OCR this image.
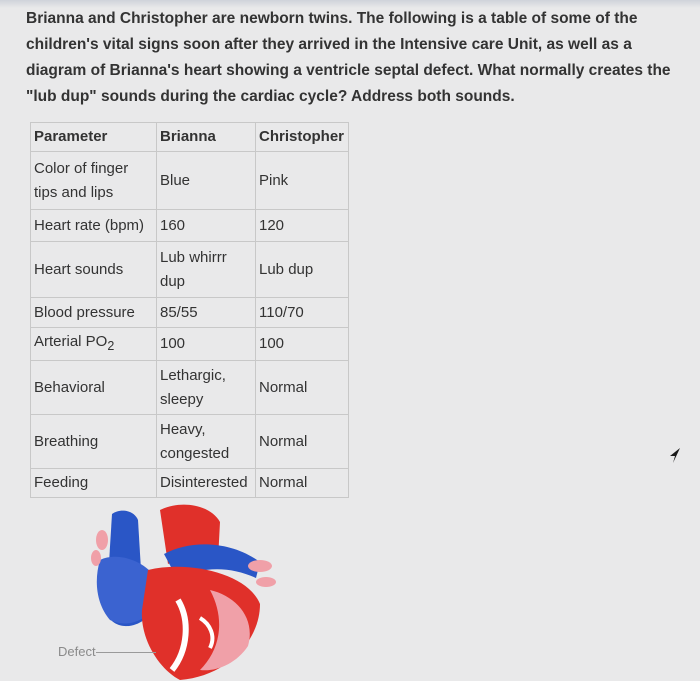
Brianna and Christopher are newborn twins. The following is a table of some of the children's vital signs soon after they arrived in the Intensive care Unit, as well as a diagram of Brianna's heart showing a ventricle septal defect. What normally creates the "lub dup" sounds during the cardiac cycle? Address both sounds.
Parameter	Brianna	Christopher
Color of finger tips and lips	Blue	Pink
Heart rate (bpm)	160	120
Heart sounds	Lub whirrr dup	Lub dup
Blood pressure	85/55	110/70
Arterial $PO_2$	100	100
Behavioral	Lethargic, sleepy	Normal
Breathing	Heavy, congested	Normal
Feeding	Disinterested	Normal
Defect
